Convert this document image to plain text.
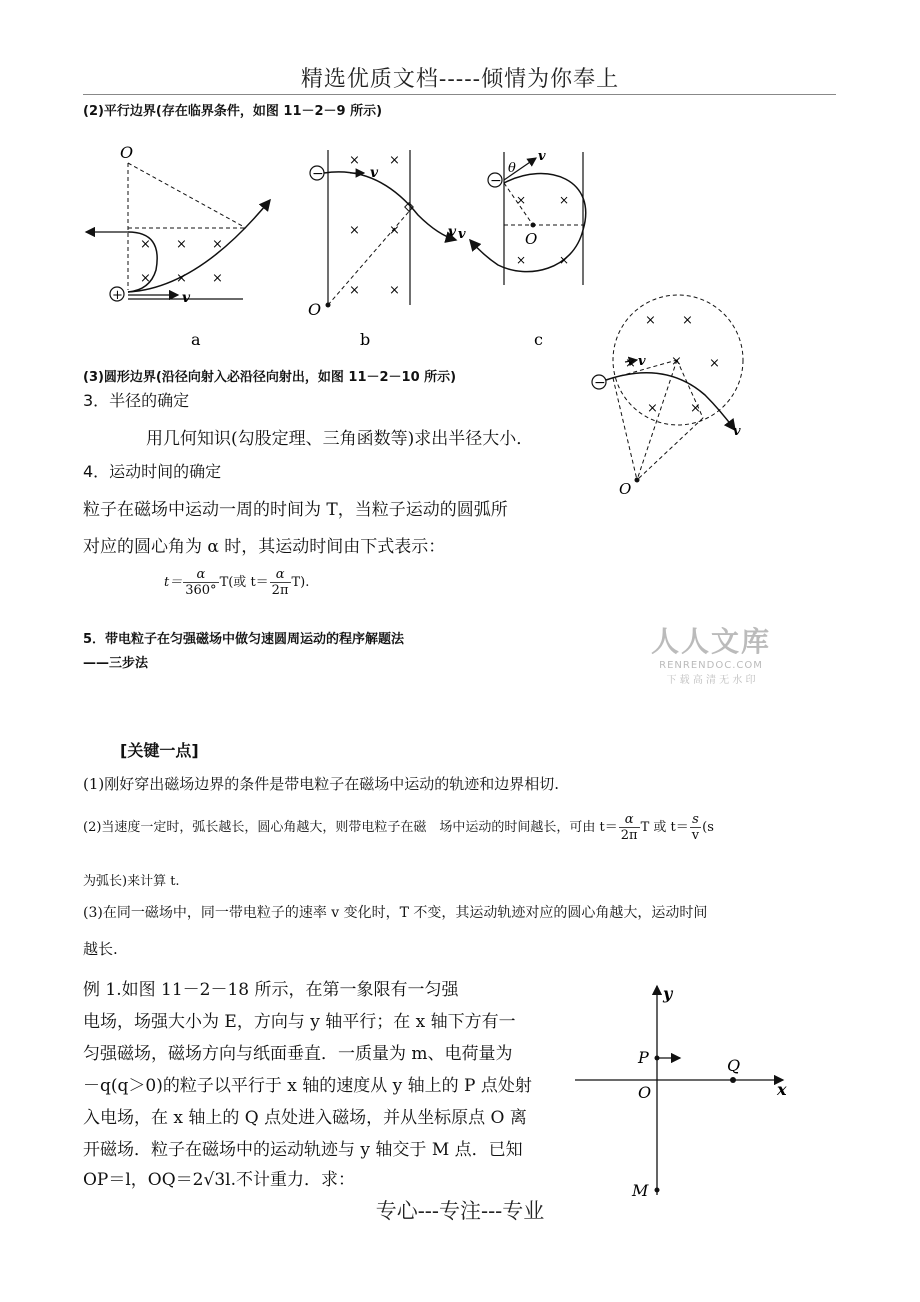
精选优质文档-----倾情为你奉上
(2)平行边界(存在临界条件，如图 11－2－9 所示)
O
v
+
× × ×
× ×
×
a
−	v
v
O
× ×
× ×
× ×
b
−
v
θ
v	O
×	×
×	×
c
−
v
v
O
× ×
×	× ×
× ×
(3)圆形边界(沿径向射入必沿径向射出，如图 11－2－10 所示)
3．半径的确定
用几何知识(勾股定理、三角函数等)求出半径大小．
4．运动时间的确定
粒子在磁场中运动一周的时间为 T，当粒子运动的圆弧所
对应的圆心角为 α 时，其运动时间由下式表示：
$t= \frac{\alpha}{360^\circ} T$(或 $t= \frac{\alpha}{2\pi} T$).
5．带电粒子在匀强磁场中做匀速圆周运动的程序解题法
——三步法
人人文库
RENRENDOC.COM
下 载 高 清 无 水 印
[关键一点]
(1)刚好穿出磁场边界的条件是带电粒子在磁场中运动的轨迹和边界相切.
(2)当速度一定时，弧长越长，圆心角越大，则带电粒子在磁　场中运动的时间越长，可由 $t= \frac{\alpha}{2\pi}$ T 或 $t= \frac{s}{v} (s$
为弧长)来计算 t.
(3)在同一磁场中，同一带电粒子的速率 v 变化时，T 不变，其运动轨迹对应的圆心角越大，运动时间
越长.
例 1.如图 11－2－18 所示，在第一象限有一匀强
电场，场强大小为 E，方向与 y 轴平行；在 x 轴下方有一
匀强磁场，磁场方向与纸面垂直．一质量为 m、电荷量为
－q(q＞0)的粒子以平行于 x 轴的速度从 y 轴上的 P 点处射
入电场，在 x 轴上的 Q 点处进入磁场，并从坐标原点 O 离
开磁场．粒子在磁场中的运动轨迹与 y 轴交于 M 点．已知
OP＝l，OQ＝2√3l.不计重力．求：
y
x
P
O
Q
M
专心---专注---专业
